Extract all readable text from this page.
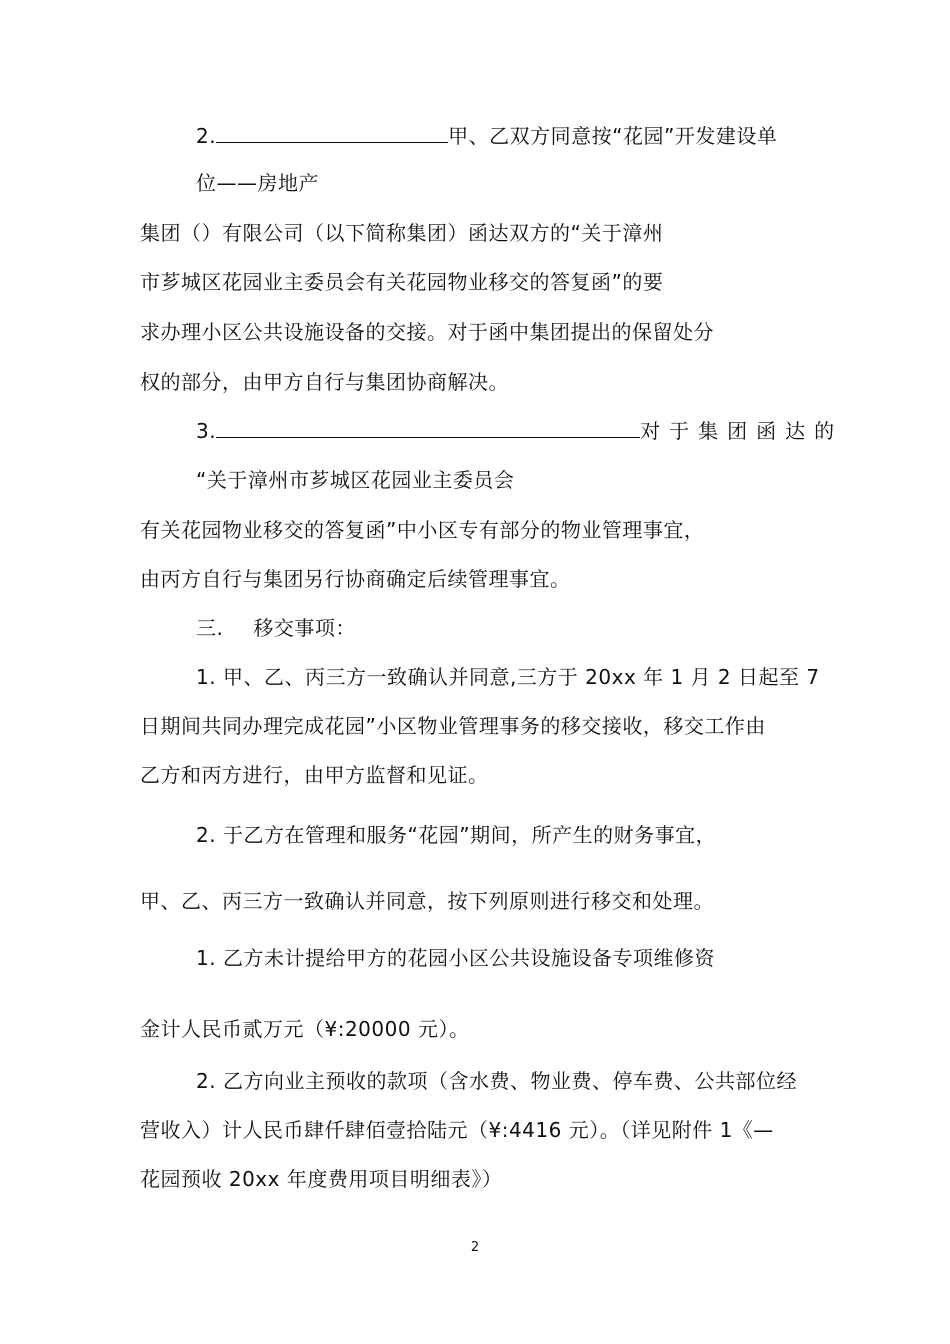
2.	甲、乙双方同意按“花园”开发建设单
位——房地产
集团（）有限公司（以下简称集团）函达双方的“关于漳州
市芗城区花园业主委员会有关花园物业移交的答复函”的要
求办理小区公共设施设备的交接。对于函中集团提出的保留处分
权的部分，由甲方自行与集团协商解决。
3.	对于集团函达的
“关于漳州市芗城区花园业主委员会
有关花园物业移交的答复函”中小区专有部分的物业管理事宜，
由丙方自行与集团另行协商确定后续管理事宜。
三. 移交事项：
1. 甲、乙、丙三方一致确认并同意,三方于 20xx 年 1 月 2 日起至 7
日期间共同办理完成花园”小区物业管理事务的移交接收，移交工作由
乙方和丙方进行，由甲方监督和见证。
2. 于乙方在管理和服务“花园”期间，所产生的财务事宜，
甲、乙、丙三方一致确认并同意，按下列原则进行移交和处理。
1. 乙方未计提给甲方的花园小区公共设施设备专项维修资
金计人民币贰万元（¥:20000 元）。
2. 乙方向业主预收的款项（含水费、物业费、停车费、公共部位经
营收入）计人民币肆仟肆佰壹拾陆元（¥:4416 元）。（详见附件 1《—
花园预收 20xx 年度费用项目明细表》）
2
